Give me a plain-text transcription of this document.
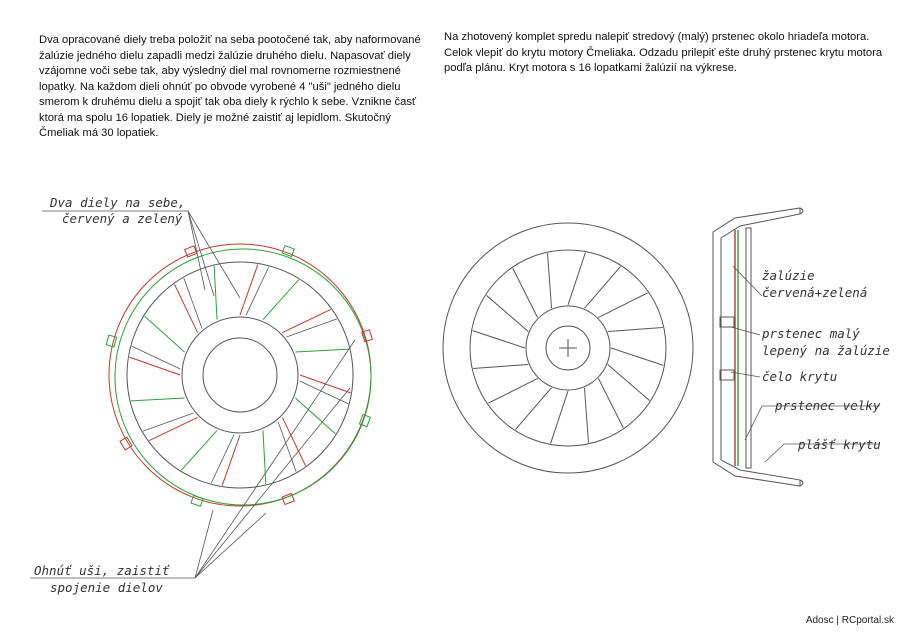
Dva opracované diely treba položiť na seba pootočené tak, aby naformované žalúzie jedného dielu zapadli medzi žalúzie druhého dielu. Napasovať diely vzájomne voči sebe tak, aby výsledný diel mal rovnomerne rozmiestnené lopatky. Na každom dieli ohnúť po obvode vyrobené 4 "uši" jedného dielu smerom k druhému dielu a spojiť tak oba diely k rýchlo k sebe. Vznikne časť ktorá ma spolu 16 lopatiek. Diely je možné zaistiť aj lepidlom. Skutočný Čmeliak má 30 lopatiek.
Na zhotovený komplet spredu nalepiť stredový (malý) prstenec okolo hriadeľa motora. Celok vlepiť do krytu motory Čmeliaka. Odzadu prilepiť ešte druhý prstenec krytu motora podľa plánu. Kryt motora s 16 lopatkami žalúzií na výkrese.
Dva diely na sebe,
červený a zelený
Ohnúť uši, zaistiť
spojenie dielov
žalúzie
červená+zelená
prstenec malý
lepený na žalúzie
čelo krytu
prstenec velky
plášť krytu
Adosc | RCportal.sk
